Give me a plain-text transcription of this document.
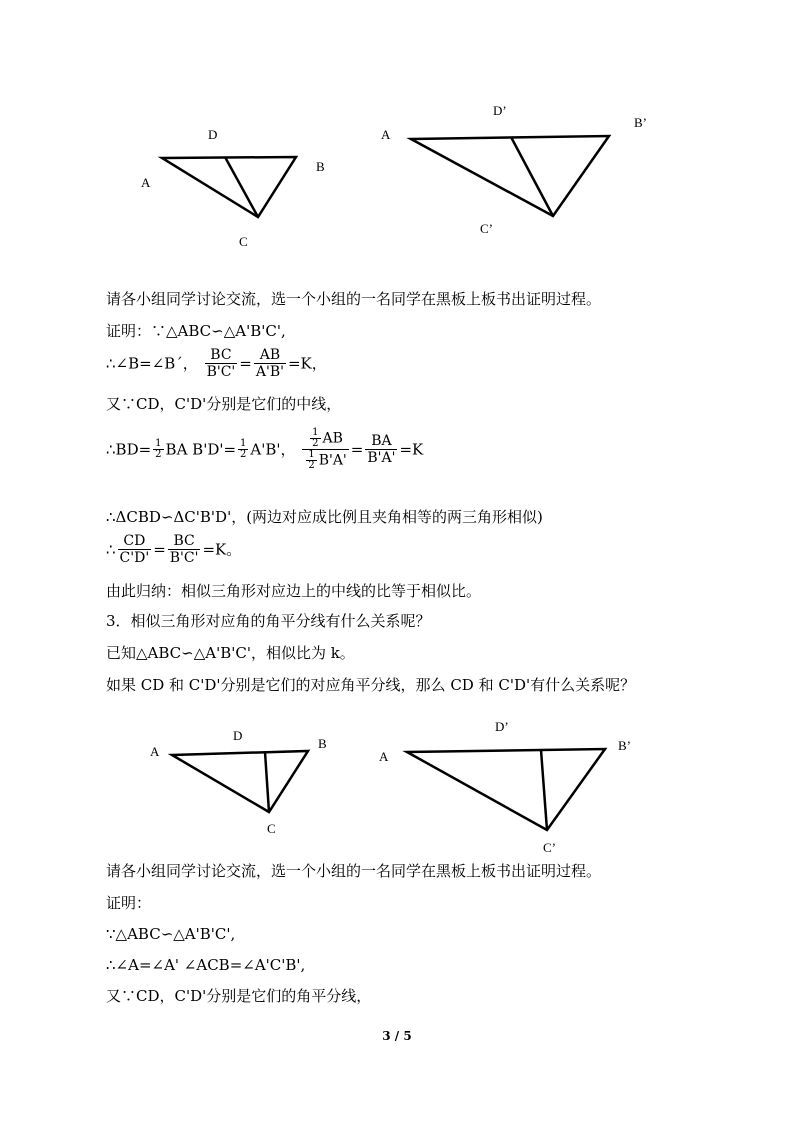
A
D
B
C
A
D’
B’
C’
请各小组同学讨论交流，选一个小组的一名同学在黑板上板书出证明过程。
证明：∵△ABC∽△A'B'C',
∴∠B=∠B´， $\frac{BC}{B'C'} = \frac{AB}{A'B'} =K$，
又∵CD，C'D'分别是它们的中线，
∴BD= $\frac{1}{2}$ BA $B'D'= \frac{1}{2} A'B'$， $\frac{\frac{1}{2} AB}{\frac{1}{2} B'A'} = \frac{BA}{B'A'} =K$
∴ΔCBD∽ΔC'B'D'，(两边对应成比例且夹角相等的两三角形相似)
∴ $\frac{CD}{C'D'} = \frac{BC}{B'C'} =K$。
由此归纳：相似三角形对应边上的中线的比等于相似比。
3．相似三角形对应角的角平分线有什么关系呢？
已知△ABC∽△A'B'C'，相似比为 k。
如果 CD 和 C'D'分别是它们的对应角平分线，那么 CD 和 C'D'有什么关系呢？
A
D
B
C
A
D’
B’
C’
请各小组同学讨论交流，选一个小组的一名同学在黑板上板书出证明过程。
证明：
∵△ABC∽△A'B'C',
∴∠A=∠A' ∠ACB=∠A'C'B',
又∵CD，C'D'分别是它们的角平分线，
3 / 5
